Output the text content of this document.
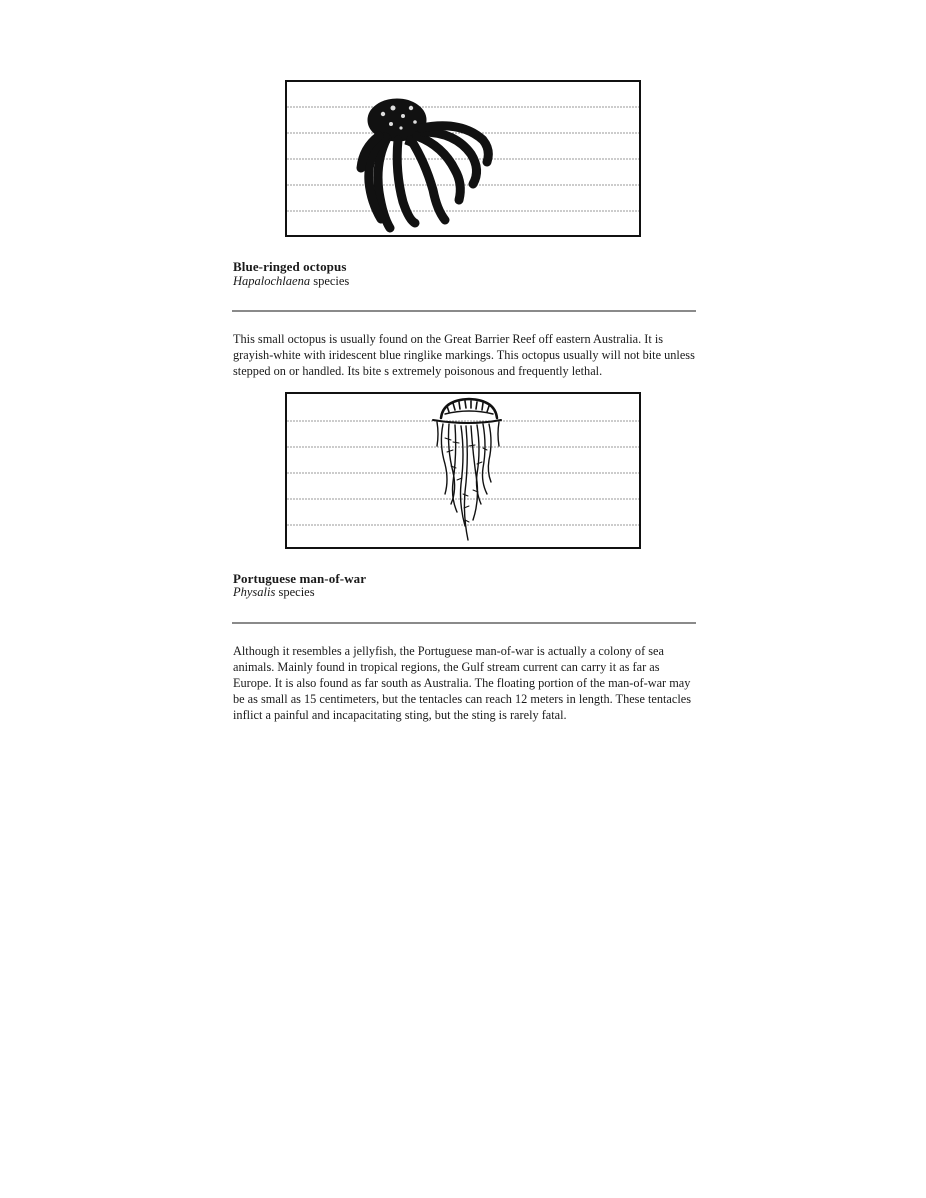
Blue-ringed octopus
Hapalochlaena species

This small octopus is usually found on the Great Barrier Reef off eastern Australia. It is grayish-white with iridescent blue ringlike markings. This octopus usually will not bite unless stepped on or handled. Its bite s extremely poisonous and frequently lethal.

Portuguese man-of-war
Physalis species

Although it resembles a jellyfish, the Portuguese man-of-war is actually a colony of sea animals. Mainly found in tropical regions, the Gulf stream current can carry it as far as Europe. It is also found as far south as Australia. The floating portion of the man-of-war may be as small as 15 centimeters, but the tentacles can reach 12 meters in length. These tentacles inflict a painful and incapacitating sting, but the sting is rarely fatal.
